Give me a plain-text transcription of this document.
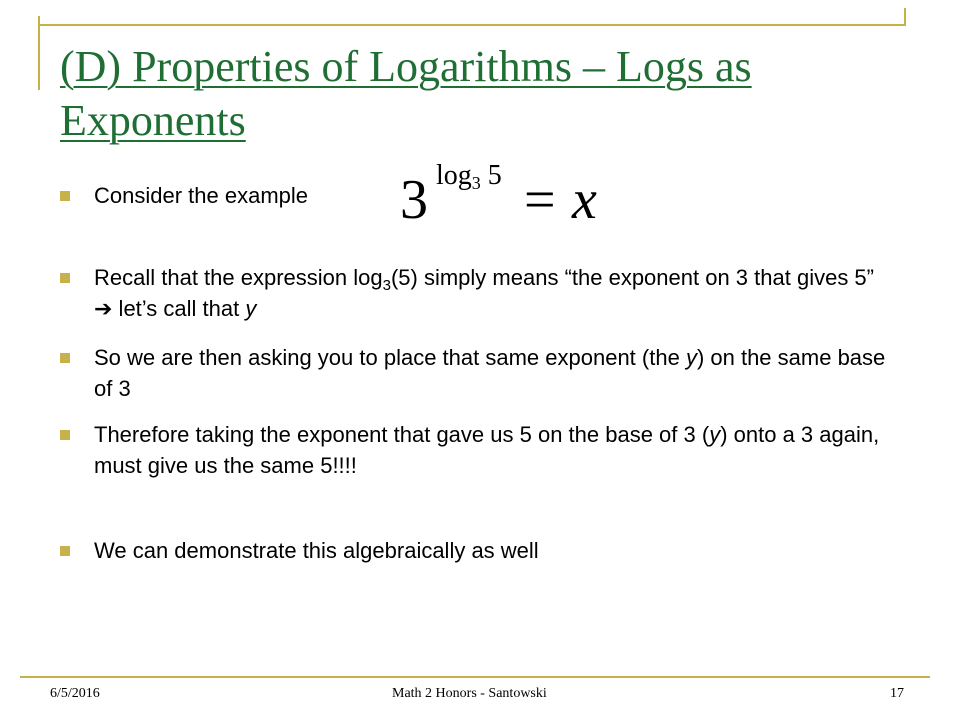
(D) Properties of Logarithms – Logs as Exponents
Consider the example
Recall that the expression $\log_3(5)$ simply means “the exponent on 3 that gives 5” ➔ let’s call that y
So we are then asking you to place that same exponent (the y) on the same base of 3
Therefore taking the exponent that gave us 5 on the base of 3 (y) onto a 3 again, must give us the same 5!!!!
We can demonstrate this algebraically as well
3 log3 5 = x
6/5/2016	Math 2 Honors - Santowski	17
